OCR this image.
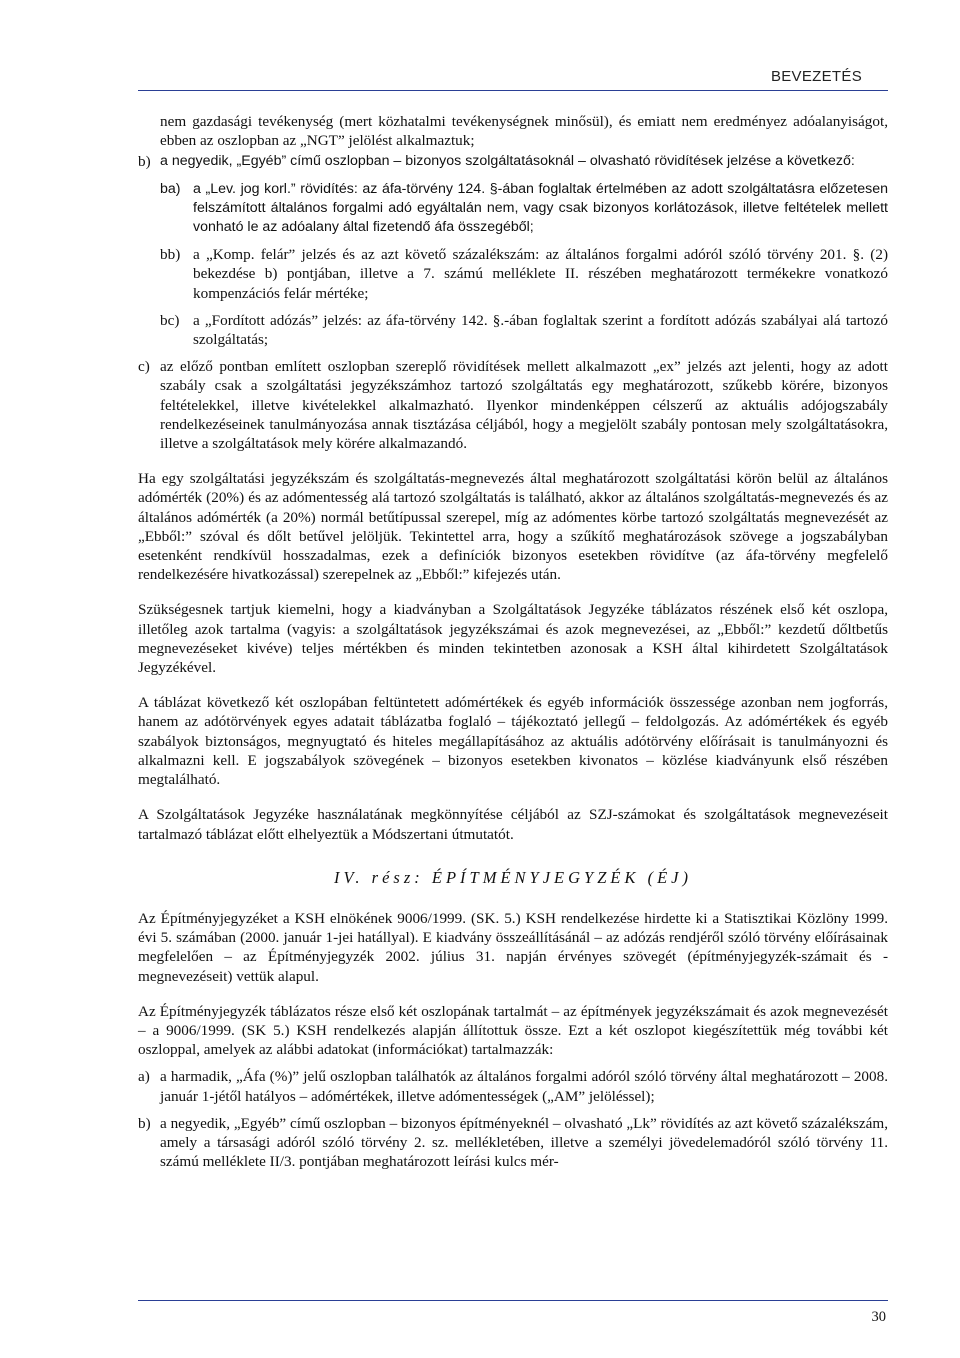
BEVEZETÉS

nem gazdasági tevékenység (mert közhatalmi tevékenységnek minősül), és emiatt nem eredményez adóalanyiságot, ebben az oszlopban az „NGT” jelölést alkalmaztuk;

b) a negyedik, „Egyéb” című oszlopban – bizonyos szolgáltatásoknál – olvasható rövidítések jelzése a következő:
ba) a „Lev. jog korl.” rövidítés: az áfa-törvény 124. §-ában foglaltak értelmében az adott szolgáltatásra előzetesen felszámított általános forgalmi adó egyáltalán nem, vagy csak bizonyos korlátozások, illetve feltételek mellett vonható le az adóalany által fizetendő áfa összegéből;
bb) a „Komp. felár” jelzés és az azt követő százalékszám: az általános forgalmi adóról szóló törvény 201. §. (2) bekezdése b) pontjában, illetve a 7. számú melléklete II. részében meghatározott termékekre vonatkozó kompenzációs felár mértéke;
bc) a „Fordított adózás” jelzés: az áfa-törvény 142. §.-ában foglaltak szerint a fordított adózás szabályai alá tartozó szolgáltatás;
c) az előző pontban említett oszlopban szereplő rövidítések mellett alkalmazott „ex” jelzés azt jelenti, hogy az adott szabály csak a szolgáltatási jegyzékszámhoz tartozó szolgáltatás egy meghatározott, szűkebb körére, bizonyos feltételekkel, illetve kivételekkel alkalmazható. Ilyenkor mindenképpen célszerű az aktuális adójogszabály rendelkezéseinek tanulmányozása annak tisztázása céljából, hogy a megjelölt szabály pontosan mely szolgáltatásokra, illetve a szolgáltatások mely körére alkalmazandó.

Ha egy szolgáltatási jegyzékszám és szolgáltatás-megnevezés által meghatározott szolgáltatási körön belül az általános adómérték (20%) és az adómentesség alá tartozó szolgáltatás is található, akkor az általános szolgáltatás-megnevezés és az általános adómérték (a 20%) normál betűtípussal szerepel, míg az adómentes körbe tartozó szolgáltatás megnevezését az „Ebből:” szóval és dőlt betűvel jelöljük. Tekintettel arra, hogy a szűkítő meghatározások szövege a jogszabályban esetenként rendkívül hosszadalmas, ezek a definíciók bizonyos esetekben rövidítve (az áfa-törvény megfelelő rendelkezésére hivatkozással) szerepelnek az „Ebből:” kifejezés után.

Szükségesnek tartjuk kiemelni, hogy a kiadványban a Szolgáltatások Jegyzéke táblázatos részének első két oszlopa, illetőleg azok tartalma (vagyis: a szolgáltatások jegyzékszámai és azok megnevezései, az „Ebből:” kezdetű dőltbetűs megnevezéseket kivéve) teljes mértékben és minden tekintetben azonosak a KSH által kihirdetett Szolgáltatások Jegyzékével.

A táblázat következő két oszlopában feltüntetett adómértékek és egyéb információk összessége azonban nem jogforrás, hanem az adótörvények egyes adatait táblázatba foglaló – tájékoztató jellegű – feldolgozás. Az adómértékek és egyéb szabályok biztonságos, megnyugtató és hiteles megállapításához az aktuális adótörvény előírásait is tanulmányozni és alkalmazni kell. E jogszabályok szövegének – bizonyos esetekben kivonatos – közlése kiadványunk első részében megtalálható.

A Szolgáltatások Jegyzéke használatának megkönnyítése céljából az SZJ-számokat és szolgáltatások megnevezéseit tartalmazó táblázat előtt elhelyeztük a Módszertani útmutatót.

IV. rész: ÉPÍTMÉNYJEGYZÉK (ÉJ)

Az Építményjegyzéket a KSH elnökének 9006/1999. (SK. 5.) KSH rendelkezése hirdette ki a Statisztikai Közlöny 1999. évi 5. számában (2000. január 1-jei hatállyal). E kiadvány összeállításánál – az adózás rendjéről szóló törvény előírásainak megfelelően – az Építményjegyzék 2002. július 31. napján érvényes szövegét (építményjegyzék-számait és -megnevezéseit) vettük alapul.

Az Építményjegyzék táblázatos része első két oszlopának tartalmát – az építmények jegyzékszámait és azok megnevezését – a 9006/1999. (SK 5.) KSH rendelkezés alapján állítottuk össze. Ezt a két oszlopot kiegészítettük még további két oszloppal, amelyek az alábbi adatokat (információkat) tartalmazzák:

a) a harmadik, „Áfa (%)” jelű oszlopban találhatók az általános forgalmi adóról szóló törvény által meghatározott – 2008. január 1-jétől hatályos – adómértékek, illetve adómentességek („AM” jelöléssel);
b) a negyedik, „Egyéb” című oszlopban – bizonyos építményeknél – olvasható „Lk” rövidítés az azt követő százalékszám, amely a társasági adóról szóló törvény 2. sz. mellékletében, illetve a személyi jövedelemadóról szóló törvény 11. számú melléklete II/3. pontjában meghatározott leírási kulcs mér-
30
